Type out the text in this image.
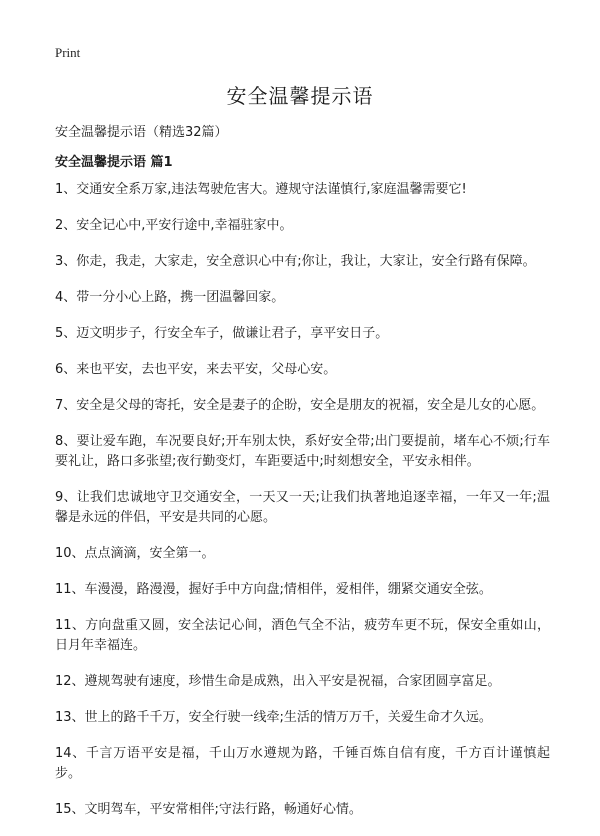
Print
安全温馨提示语

安全温馨提示语（精选32篇）

安全温馨提示语 篇1
1、交通安全系万家,违法驾驶危害大。遵规守法谨慎行,家庭温馨需要它!
2、安全记心中,平安行途中,幸福驻家中。
3、你走，我走，大家走，安全意识心中有;你让，我让，大家让，安全行路有保障。
4、带一分小心上路，携一团温馨回家。
5、迈文明步子，行安全车子，做谦让君子，享平安日子。
6、来也平安，去也平安，来去平安，父母心安。
7、安全是父母的寄托，安全是妻子的企盼，安全是朋友的祝福，安全是儿女的心愿。
8、要让爱车跑，车况要良好;开车别太快，系好安全带;出门要提前，堵车心不烦;行车要礼让，路口多张望;夜行勤变灯，车距要适中;时刻想安全，平安永相伴。
9、让我们忠诚地守卫交通安全，一天又一天;让我们执著地追逐幸福，一年又一年;温馨是永远的伴侣，平安是共同的心愿。
10、点点滴滴，安全第一。
11、车漫漫，路漫漫，握好手中方向盘;情相伴，爱相伴，绷紧交通安全弦。
11、方向盘重又圆，安全法记心间，酒色气全不沾，疲劳车更不玩，保安全重如山，日月年幸福连。
12、遵规驾驶有速度，珍惜生命是成熟，出入平安是祝福，合家团圆享富足。
13、世上的路千千万，安全行驶一线牵;生活的情万万千，关爱生命才久远。
14、千言万语平安是福，千山万水遵规为路，千锤百炼自信有度，千方百计谨慎起步。
15、文明驾车，平安常相伴;守法行路，畅通好心情。
